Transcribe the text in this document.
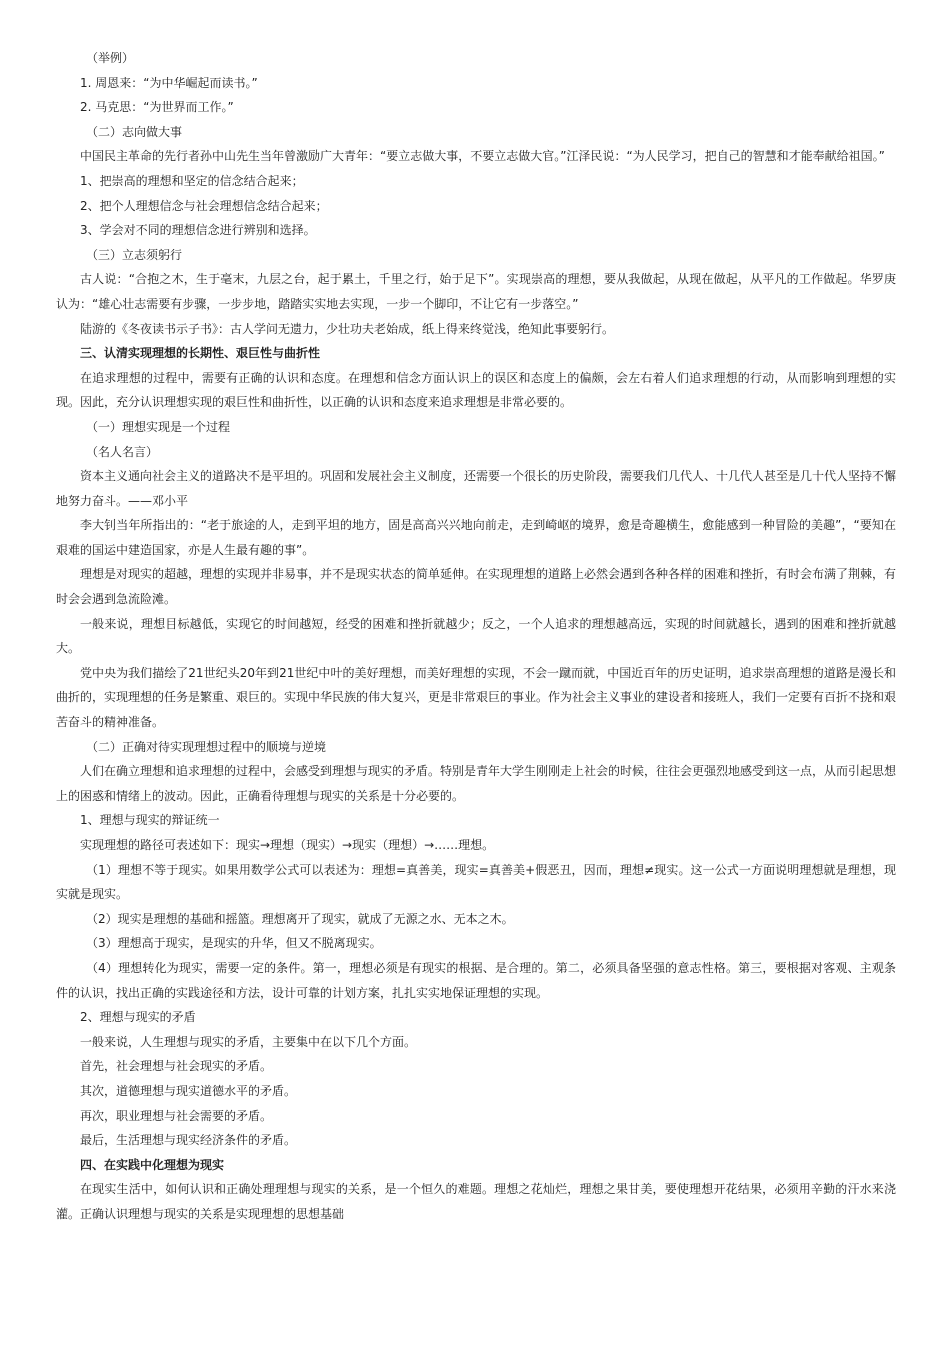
（举例）

1. 周恩来：“为中华崛起而读书。”

2. 马克思：“为世界而工作。”

（二）志向做大事

中国民主革命的先行者孙中山先生当年曾激励广大青年：“要立志做大事，不要立志做大官。”江泽民说：“为人民学习，把自己的智慧和才能奉献给祖国。”

1、把崇高的理想和坚定的信念结合起来；

2、把个人理想信念与社会理想信念结合起来；

3、学会对不同的理想信念进行辨别和选择。

（三）立志须躬行

古人说：“合抱之木，生于毫末，九层之台，起于累土，千里之行，始于足下”。实现崇高的理想，要从我做起，从现在做起，从平凡的工作做起。华罗庚认为：“雄心壮志需要有步骤，一步步地，踏踏实实地去实现，一步一个脚印，不让它有一步落空。”

陆游的《冬夜读书示子书》：古人学问无遗力，少壮功夫老始成，纸上得来终觉浅，绝知此事要躬行。

三、认清实现理想的长期性、艰巨性与曲折性

在追求理想的过程中，需要有正确的认识和态度。在理想和信念方面认识上的误区和态度上的偏颇，会左右着人们追求理想的行动，从而影响到理想的实现。因此，充分认识理想实现的艰巨性和曲折性，以正确的认识和态度来追求理想是非常必要的。

（一）理想实现是一个过程

（名人名言）

资本主义通向社会主义的道路决不是平坦的。巩固和发展社会主义制度，还需要一个很长的历史阶段，需要我们几代人、十几代人甚至是几十代人坚持不懈地努力奋斗。——邓小平

李大钊当年所指出的：“老于旅途的人，走到平坦的地方，固是高高兴兴地向前走，走到崎岖的境界，愈是奇趣横生，愈能感到一种冒险的美趣”，“要知在艰难的国运中建造国家，亦是人生最有趣的事”。

理想是对现实的超越，理想的实现并非易事，并不是现实状态的简单延伸。在实现理想的道路上必然会遇到各种各样的困难和挫折，有时会布满了荆棘，有时会会遇到急流险滩。

一般来说，理想目标越低，实现它的时间越短，经受的困难和挫折就越少；反之，一个人追求的理想越高远，实现的时间就越长，遇到的困难和挫折就越大。

党中央为我们描绘了21世纪头20年到21世纪中叶的美好理想，而美好理想的实现，不会一蹴而就，中国近百年的历史证明，追求崇高理想的道路是漫长和曲折的，实现理想的任务是繁重、艰巨的。实现中华民族的伟大复兴，更是非常艰巨的事业。作为社会主义事业的建设者和接班人，我们一定要有百折不挠和艰苦奋斗的精神准备。

（二）正确对待实现理想过程中的顺境与逆境

人们在确立理想和追求理想的过程中，会感受到理想与现实的矛盾。特别是青年大学生刚刚走上社会的时候，往往会更强烈地感受到这一点，从而引起思想上的困惑和情绪上的波动。因此，正确看待理想与现实的关系是十分必要的。

1、理想与现实的辩证统一

实现理想的路径可表述如下：现实→理想（现实）→现实（理想）→……理想。

（1）理想不等于现实。如果用数学公式可以表述为：理想=真善美，现实=真善美+假恶丑，因而，理想≠现实。这一公式一方面说明理想就是理想，现实就是现实。

（2）现实是理想的基础和摇篮。理想离开了现实，就成了无源之水、无本之木。

（3）理想高于现实，是现实的升华，但又不脱离现实。

（4）理想转化为现实，需要一定的条件。第一，理想必须是有现实的根据、是合理的。第二，必须具备坚强的意志性格。第三，要根据对客观、主观条件的认识，找出正确的实践途径和方法，设计可靠的计划方案，扎扎实实地保证理想的实现。

2、理想与现实的矛盾

一般来说，人生理想与现实的矛盾，主要集中在以下几个方面。

首先，社会理想与社会现实的矛盾。

其次，道德理想与现实道德水平的矛盾。

再次，职业理想与社会需要的矛盾。

最后，生活理想与现实经济条件的矛盾。

四、在实践中化理想为现实

在现实生活中，如何认识和正确处理理想与现实的关系，是一个恒久的难题。理想之花灿烂，理想之果甘美，要使理想开花结果，必须用辛勤的汗水来浇灌。正确认识理想与现实的关系是实现理想的思想基础
